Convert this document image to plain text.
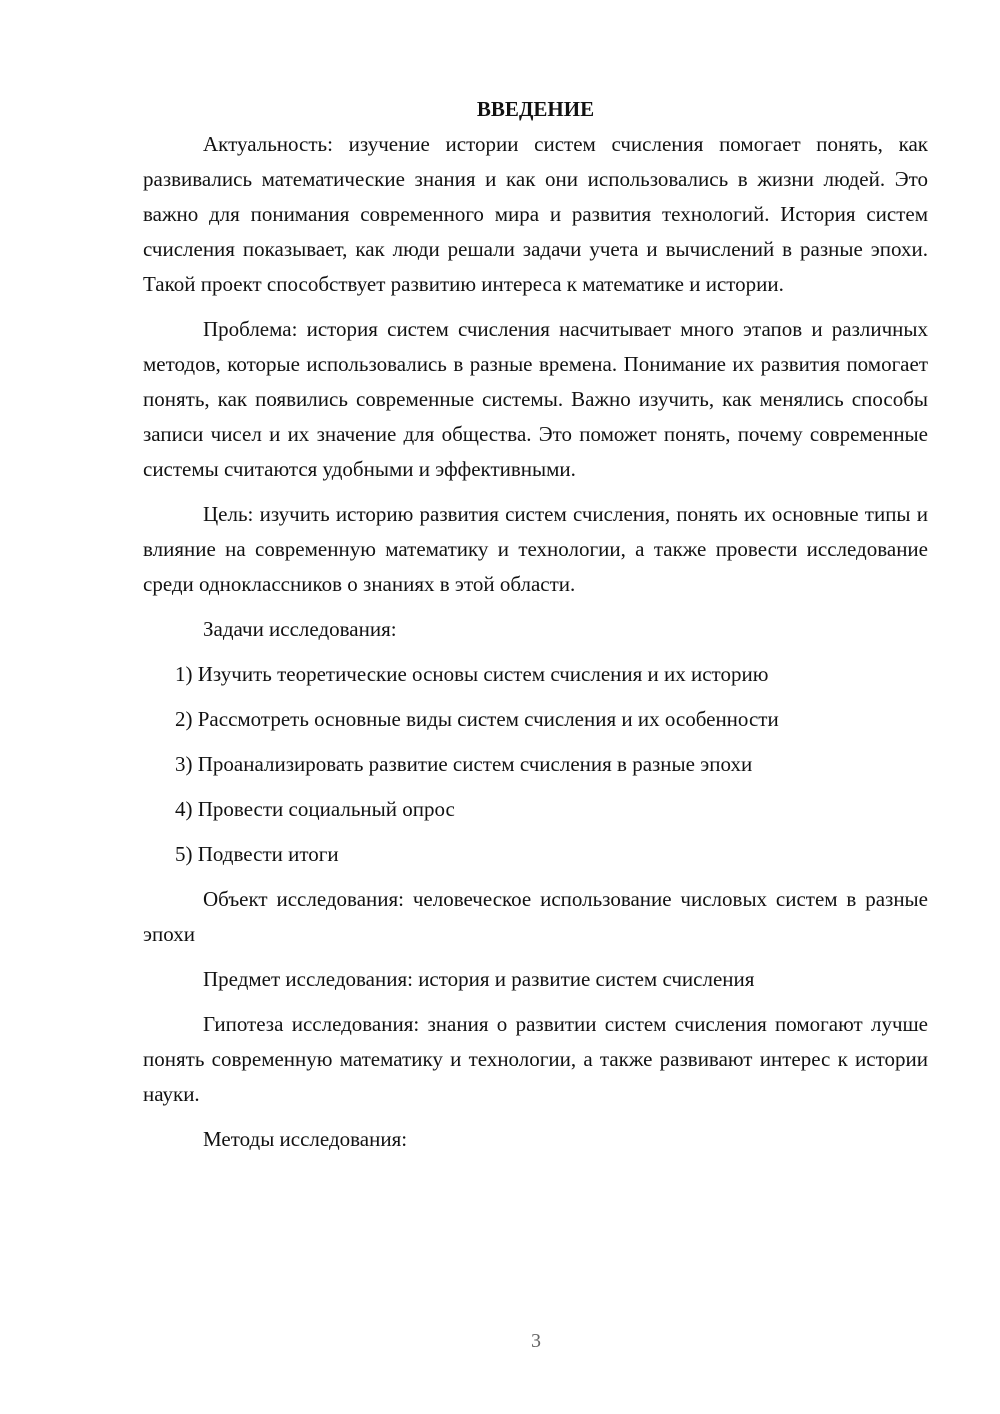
ВВЕДЕНИЕ

Актуальность: изучение истории систем счисления помогает понять, как развивались математические знания и как они использовались в жизни людей. Это важно для понимания современного мира и развития технологий. История систем счисления показывает, как люди решали задачи учета и вычислений в разные эпохи. Такой проект способствует развитию интереса к математике и истории.

Проблема: история систем счисления насчитывает много этапов и различных методов, которые использовались в разные времена. Понимание их развития помогает понять, как появились современные системы. Важно изучить, как менялись способы записи чисел и их значение для общества. Это поможет понять, почему современные системы считаются удобными и эффективными.

Цель: изучить историю развития систем счисления, понять их основные типы и влияние на современную математику и технологии, а также провести исследование среди одноклассников о знаниях в этой области.

Задачи исследования:

1) Изучить теоретические основы систем счисления и их историю
2) Рассмотреть основные виды систем счисления и их особенности
3) Проанализировать развитие систем счисления в разные эпохи
4) Провести социальный опрос
5) Подвести итоги

Объект исследования: человеческое использование числовых систем в разные эпохи

Предмет исследования: история и развитие систем счисления

Гипотеза исследования: знания о развитии систем счисления помогают лучше понять современную математику и технологии, а также развивают интерес к истории науки.

Методы исследования:

3
